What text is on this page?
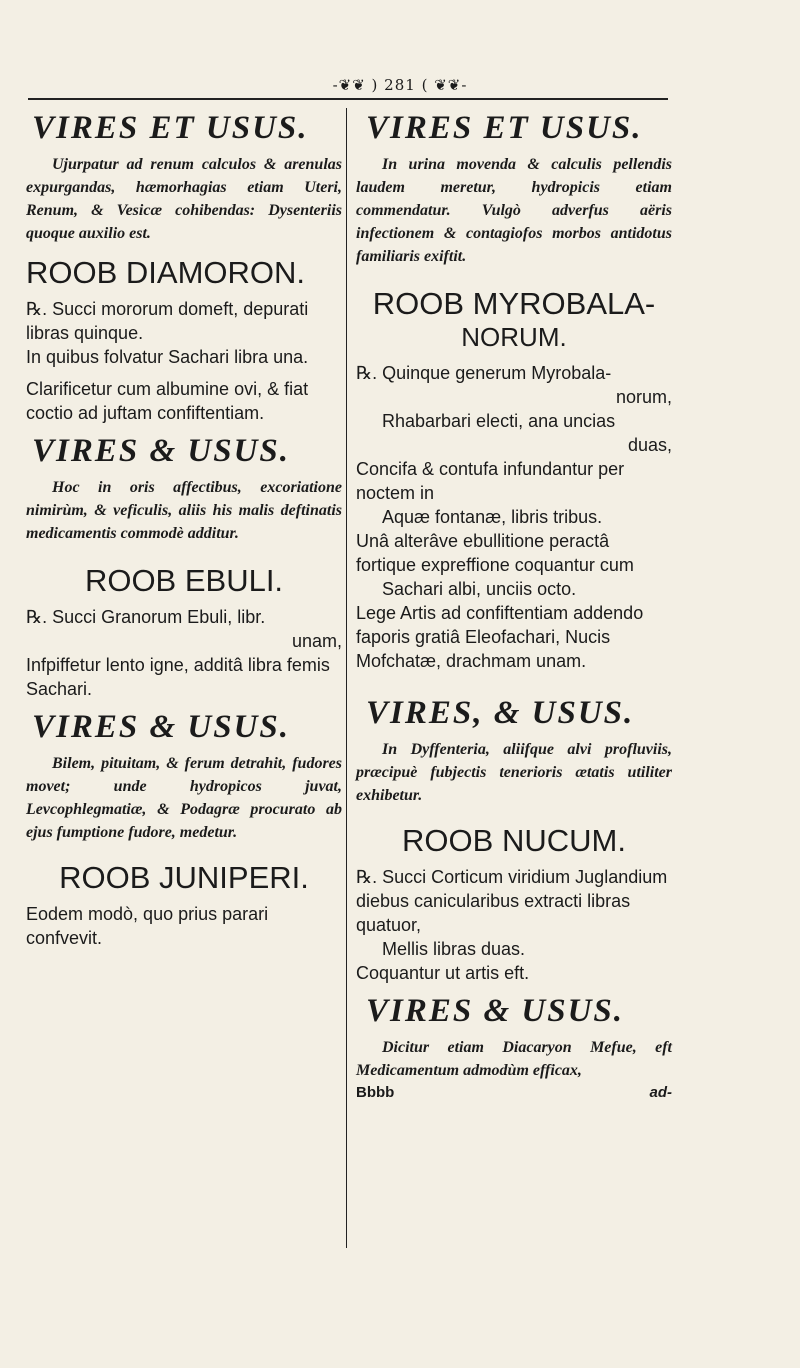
-❦❦ ) 281 ( ❦❦-
VIRES ET USUS.

Ujurpatur ad renum calculos & arenulas expurgandas, hæmorhagias etiam Uteri, Renum, & Vesicæ cohibendas: Dysenteriis quoque auxilio est.

ROOB DIAMORON.
℞. Succi mororum domeft, depurati libras quinque.
In quibus folvatur Sachari libra una.
Clarificetur cum albumine ovi, & fiat coctio ad juftam confiftentiam.
VIRES & USUS.

Hoc in oris affectibus, excoriatione nimirùm, & veficulis, aliis his malis deftinatis medicamentis commodè additur.

ROOB EBULI.
℞. Succi Granorum Ebuli, libr.
unam,
Infpiffetur lento igne, additâ libra femis Sachari.
VIRES & USUS.

Bilem, pituitam, & ferum detrahit, fudores movet; unde hydropicos juvat, Levcophlegmatiæ, & Podagræ procurato ab ejus fumptione fudore, medetur.

ROOB JUNIPERI.
Eodem modò, quo prius parari confvevit.
VIRES ET USUS.

In urina movenda & calculis pellendis laudem meretur, hydropicis etiam commendatur. Vulgò adverfus aëris infectionem & contagiofos morbos antidotus familiaris exiftit.

ROOB MYROBALA-
NORUM.
℞. Quinque generum Myrobala-
norum,
Rhabarbari electi, ana uncias
duas,
Concifa & contufa infundantur per noctem in
Aquæ fontanæ, libris tribus.
Unâ alterâve ebullitione peractâ fortique expreffione coquantur cum
Sachari albi, unciis octo.
Lege Artis ad confiftentiam addendo faporis gratiâ Eleofachari, Nucis Mofchatæ, drachmam unam.
VIRES, & USUS.

In Dyffenteria, aliifque alvi profluviis, præcipuè fubjectis tenerioris ætatis utiliter exhibetur.

ROOB NUCUM.
℞. Succi Corticum viridium Juglandium diebus canicularibus extracti libras quatuor,
Mellis libras duas.
Coquantur ut artis eft.
VIRES & USUS.

Dicitur etiam Diacaryon Mefue, eft Medicamentum admodùm efficax,

Bbbb	ad-
